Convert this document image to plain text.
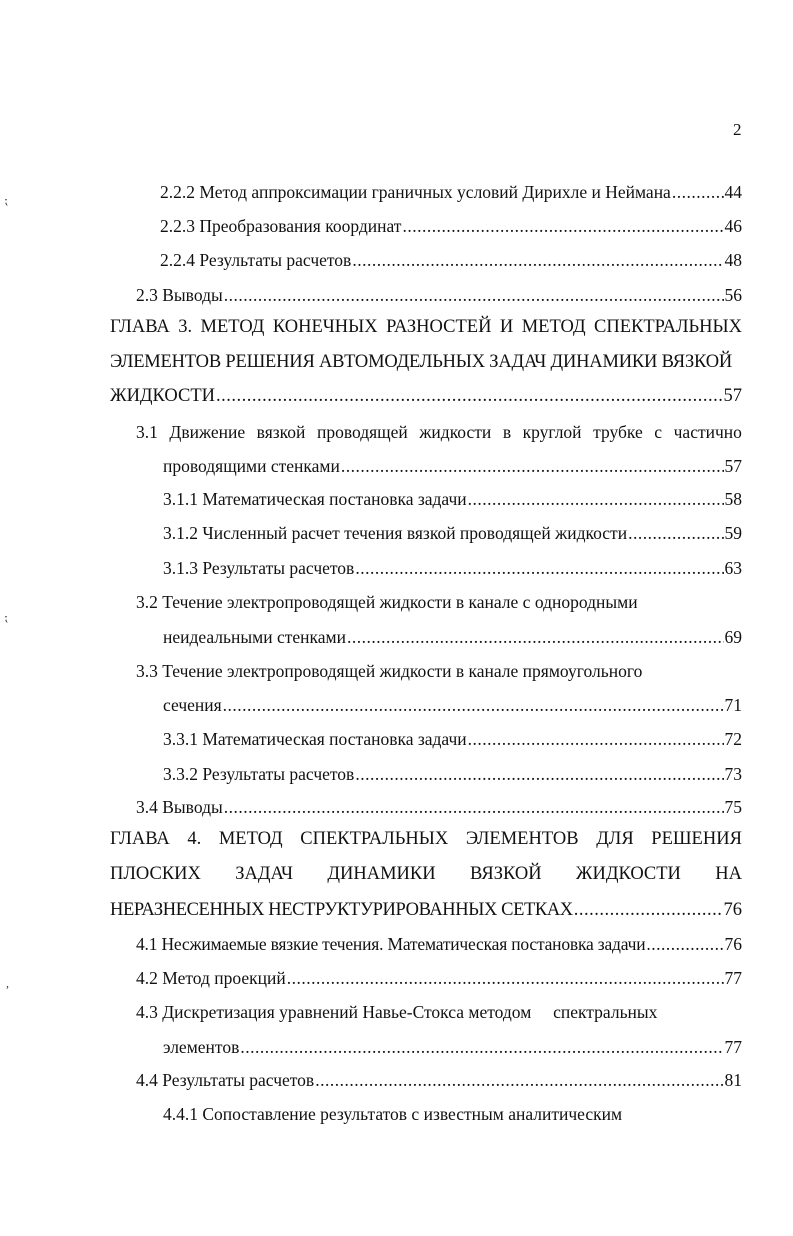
⁏
⁏
,
2
2.2.2 Метод аппроксимации граничных условий Дирихле и Неймана .....	44
2.2.3 Преобразования координат .....	46
2.2.4 Результаты расчетов .....	48
2.3 Выводы .....	56
ГЛАВА 3. МЕТОД КОНЕЧНЫХ РАЗНОСТЕЙ И МЕТОД СПЕКТРАЛЬНЫХ
ЭЛЕМЕНТОВ РЕШЕНИЯ АВТОМОДЕЛЬНЫХ ЗАДАЧ ДИНАМИКИ ВЯЗКОЙ
ЖИДКОСТИ .....	57
3.1 Движение вязкой проводящей жидкости в круглой трубке с частично
проводящими стенками .....	57
3.1.1 Математическая постановка задачи .....	58
3.1.2 Численный расчет течения вязкой проводящей жидкости .....	59
3.1.3 Результаты расчетов .....	63
3.2 Течение электропроводящей жидкости в канале с однородными
неидеальными стенками .....	69
3.3 Течение электропроводящей жидкости в канале прямоугольного
сечения .....	71
3.3.1 Математическая постановка задачи .....	72
3.3.2 Результаты расчетов .....	73
3.4 Выводы .....	75
ГЛАВА 4. МЕТОД СПЕКТРАЛЬНЫХ ЭЛЕМЕНТОВ ДЛЯ РЕШЕНИЯ
ПЛОСКИХ ЗАДАЧ ДИНАМИКИ ВЯЗКОЙ ЖИДКОСТИ НА
НЕРАЗНЕСЕННЫХ НЕСТРУКТУРИРОВАННЫХ СЕТКАХ .....	76
4.1 Несжимаемые вязкие течения. Математическая постановка задачи .....	76
4.2 Метод проекций .....	77
4.3 Дискретизация уравнений Навье-Стокса методом     спектральных
элементов .....	77
4.4 Результаты расчетов .....	81
4.4.1 Сопоставление результатов с известным аналитическим
